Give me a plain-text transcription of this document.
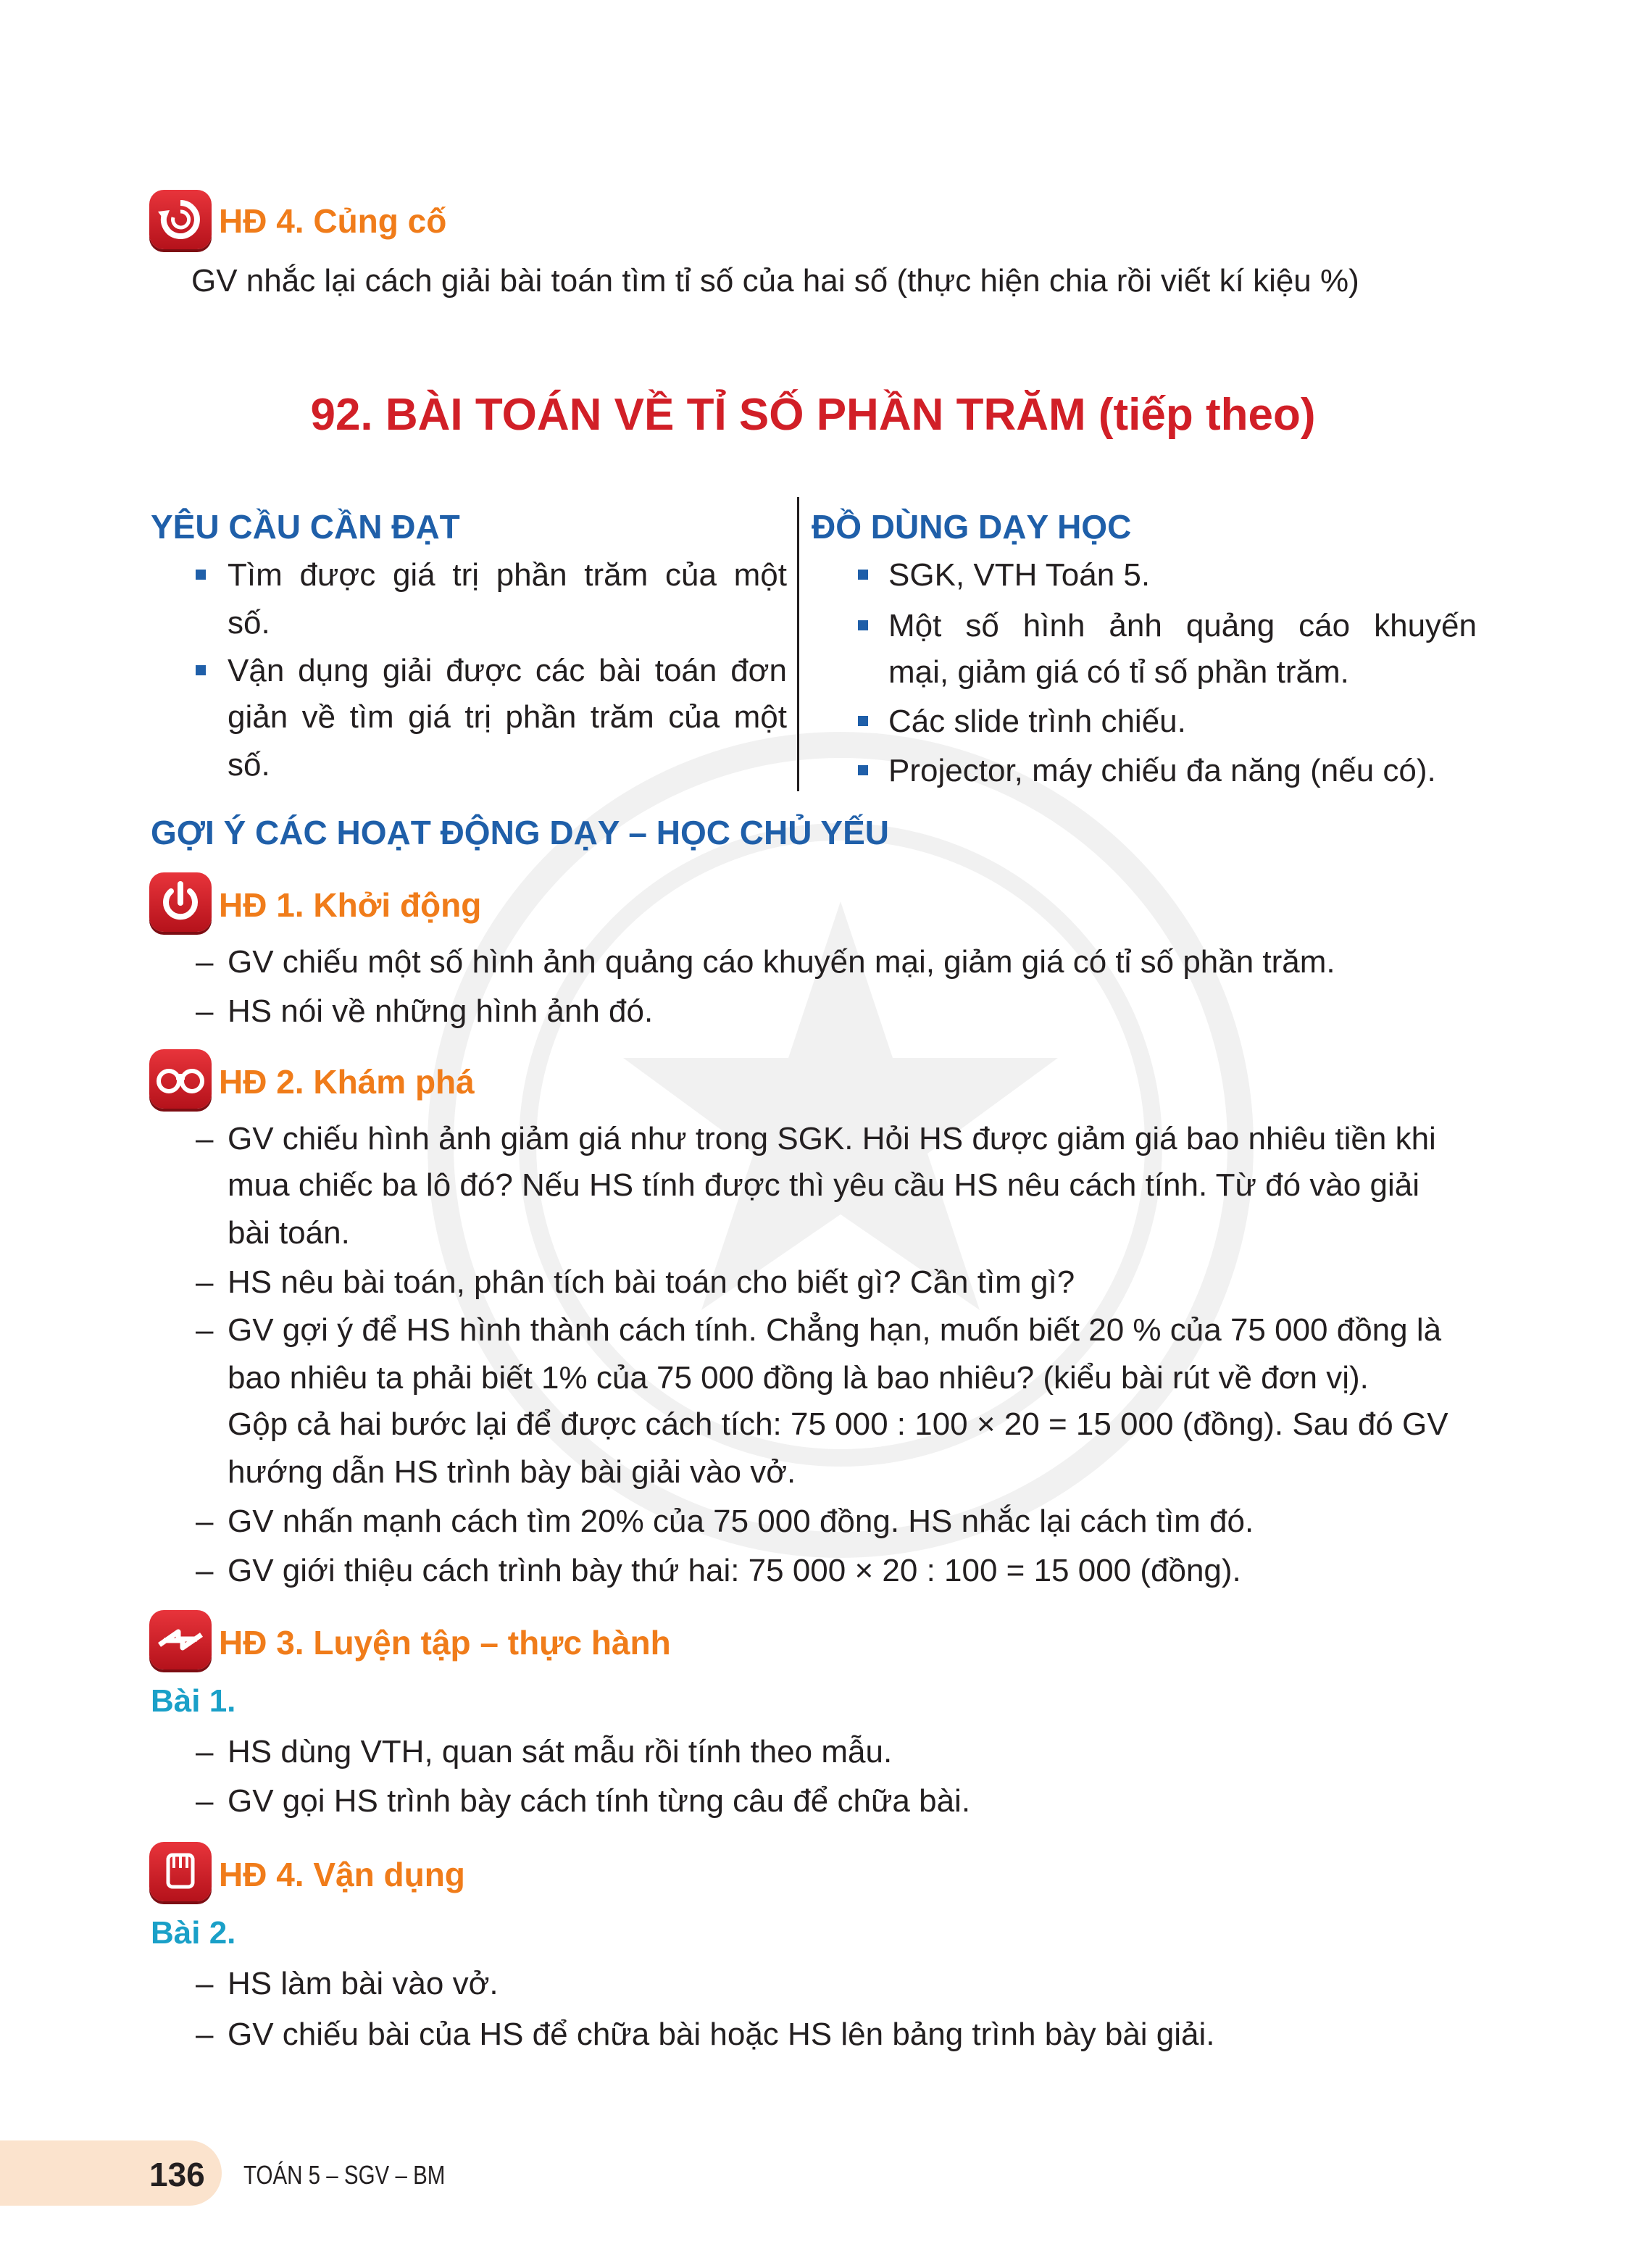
HĐ 4. Củng cố
GV nhắc lại cách giải bài toán tìm tỉ số của hai số (thực hiện chia rồi viết kí kiệu %)
92. BÀI TOÁN VỀ TỈ SỐ PHẦN TRĂM (tiếp theo)
YÊU CẦU CẦN ĐẠT	ĐỒ DÙNG DẠY HỌC
Tìm được giá trị phần trăm của một
số.
Vận dụng giải được các bài toán đơn
giản về tìm giá trị phần trăm của một
số.
SGK, VTH Toán 5.
Một số hình ảnh quảng cáo khuyến
mại, giảm giá có tỉ số phần trăm.
Các slide trình chiếu.
Projector, máy chiếu đa năng (nếu có).
GỢI Ý CÁC HOẠT ĐỘNG DẠY – HỌC CHỦ YẾU
HĐ 1. Khởi động
– GV chiếu một số hình ảnh quảng cáo khuyến mại, giảm giá có tỉ số phần trăm.
– HS nói về những hình ảnh đó.
HĐ 2. Khám phá
– GV chiếu hình ảnh giảm giá như trong SGK. Hỏi HS được giảm giá bao nhiêu tiền khi
mua chiếc ba lô đó? Nếu HS tính được thì yêu cầu HS nêu cách tính. Từ đó vào giải
bài toán.
– HS nêu bài toán, phân tích bài toán cho biết gì? Cần tìm gì?
– GV gợi ý để HS hình thành cách tính. Chẳng hạn, muốn biết 20 % của 75 000 đồng là
bao nhiêu ta phải biết 1% của 75 000 đồng là bao nhiêu? (kiểu bài rút về đơn vị).
Gộp cả hai bước lại để được cách tích: 75 000 : 100 × 20 = 15 000 (đồng). Sau đó GV
hướng dẫn HS trình bày bài giải vào vở.
– GV nhấn mạnh cách tìm 20% của 75 000 đồng. HS nhắc lại cách tìm đó.
– GV giới thiệu cách trình bày thứ hai: 75 000 × 20 : 100 = 15 000 (đồng).
HĐ 3. Luyện tập – thực hành
Bài 1.
– HS dùng VTH, quan sát mẫu rồi tính theo mẫu.
– GV gọi HS trình bày cách tính từng câu để chữa bài.
HĐ 4. Vận dụng
Bài 2.
– HS làm bài vào vở.
– GV chiếu bài của HS để chữa bài hoặc HS lên bảng trình bày bài giải.
136 TOÁN 5 – SGV – BM
